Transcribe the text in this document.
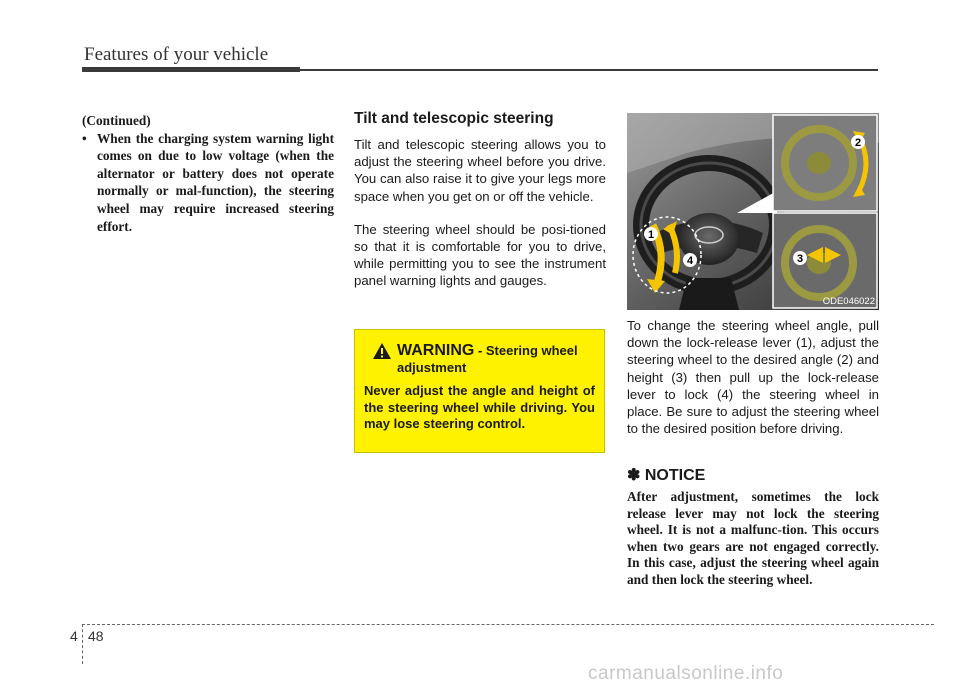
Features of your vehicle
(Continued)
• When the charging system warning light comes on due to low voltage (when the alternator or battery does not operate normally or mal-function), the steering wheel may require increased steering effort.
Tilt and telescopic steering

Tilt and telescopic steering allows you to adjust the steering wheel before you drive. You can also raise it to give your legs more space when you get on or off the vehicle.

The steering wheel should be posi-tioned so that it is comfortable for you to drive, while permitting you to see the instrument panel warning lights and gauges.

WARNING - Steering wheel adjustment

Never adjust the angle and height of the steering wheel while driving. You may lose steering control.

1
2
3
4
ODE046022

To change the steering wheel angle, pull down the lock-release lever (1), adjust the steering wheel to the desired angle (2) and height (3) then pull up the lock-release lever to lock (4) the steering wheel in place. Be sure to adjust the steering wheel to the desired position before driving.

✽ NOTICE

After adjustment, sometimes the lock release lever may not lock the steering wheel. It is not a malfunc-tion. This occurs when two gears are not engaged correctly. In this case, adjust the steering wheel again and then lock the steering wheel.

4 48
carmanualsonline.info
